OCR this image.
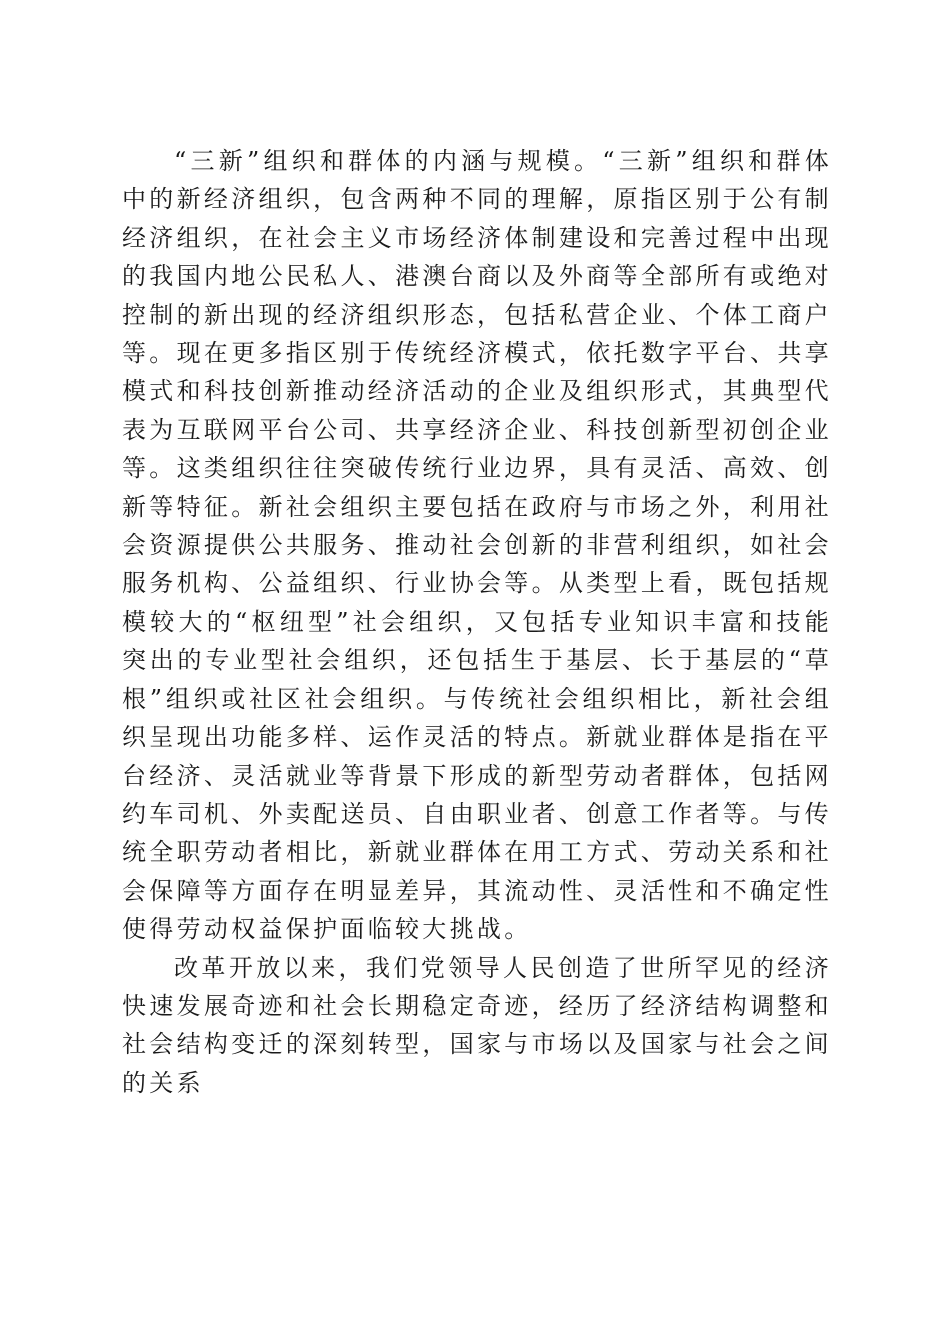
“三新”组织和群体的内涵与规模。“三新”组织和群体中的新经济组织，包含两种不同的理解，原指区别于公有制经济组织，在社会主义市场经济体制建设和完善过程中出现的我国内地公民私人、港澳台商以及外商等全部所有或绝对控制的新出现的经济组织形态，包括私营企业、个体工商户等。现在更多指区别于传统经济模式，依托数字平台、共享模式和科技创新推动经济活动的企业及组织形式，其典型代表为互联网平台公司、共享经济企业、科技创新型初创企业等。这类组织往往突破传统行业边界，具有灵活、高效、创新等特征。新社会组织主要包括在政府与市场之外，利用社会资源提供公共服务、推动社会创新的非营利组织，如社会服务机构、公益组织、行业协会等。从类型上看，既包括规模较大的“枢纽型”社会组织，又包括专业知识丰富和技能突出的专业型社会组织，还包括生于基层、长于基层的“草根”组织或社区社会组织。与传统社会组织相比，新社会组织呈现出功能多样、运作灵活的特点。新就业群体是指在平台经济、灵活就业等背景下形成的新型劳动者群体，包括网约车司机、外卖配送员、自由职业者、创意工作者等。与传统全职劳动者相比，新就业群体在用工方式、劳动关系和社会保障等方面存在明显差异，其流动性、灵活性和不确定性使得劳动权益保护面临较大挑战。

改革开放以来，我们党领导人民创造了世所罕见的经济快速发展奇迹和社会长期稳定奇迹，经历了经济结构调整和社会结构变迁的深刻转型，国家与市场以及国家与社会之间的关系
